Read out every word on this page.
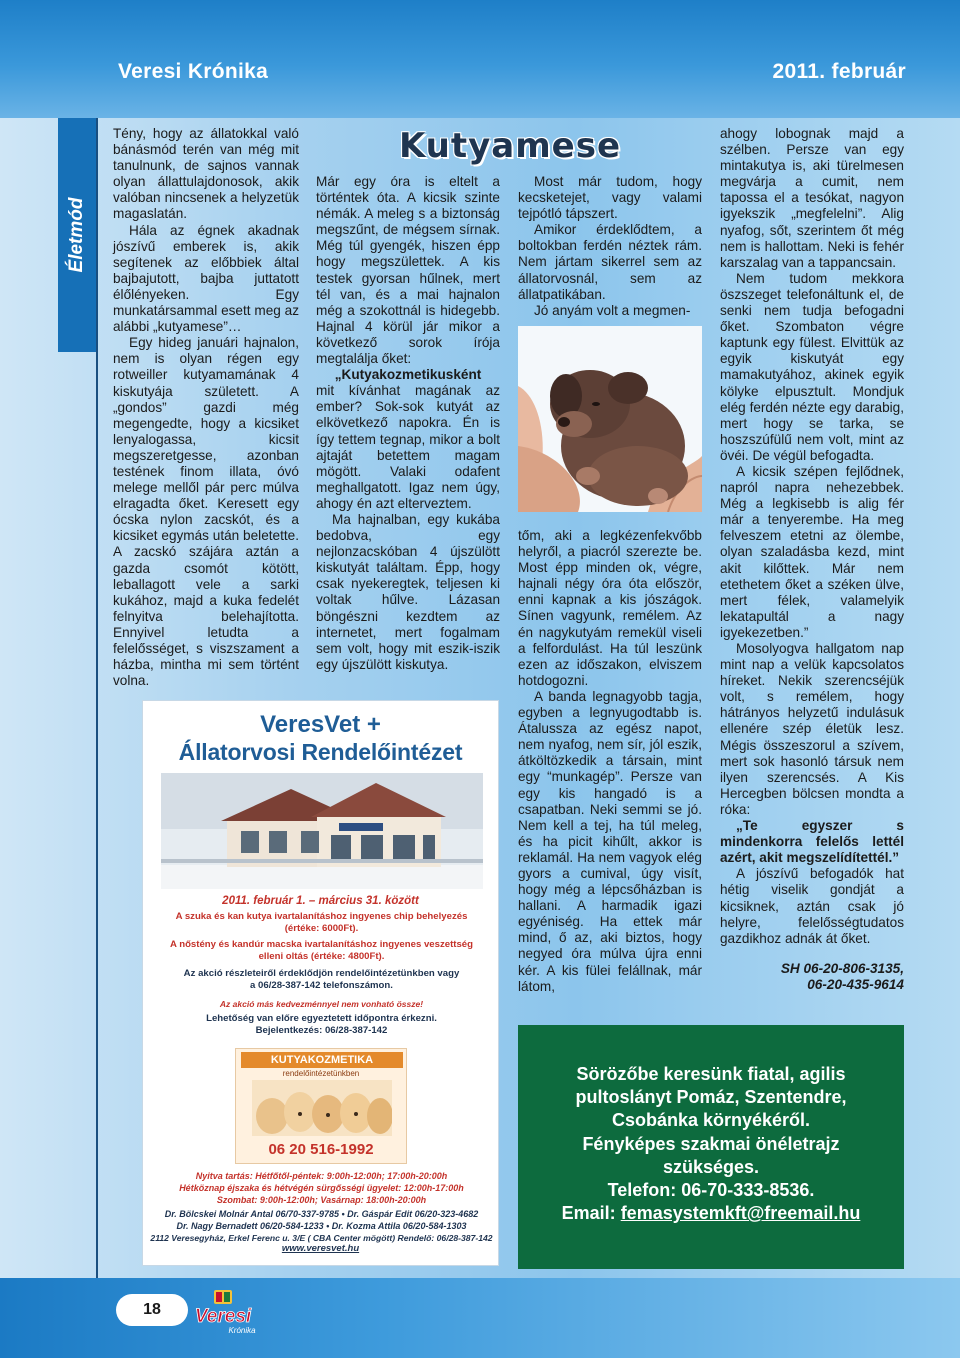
Veresi Krónika	2011. február
Életmód
Kutyamese

Tény, hogy az állatokkal való bánásmód terén van még mit tanulnunk, de sajnos vannak olyan állattulajdonosok, akik valóban nincsenek a helyzetük magaslatán.

Hála az égnek akadnak jószívű emberek is, akik segítenek az előbbiek által bajbajutott, bajba juttatott élőlényeken. Egy munkatársammal esett meg az alábbi „kutyamese”…

Egy hideg januári hajnalon, nem is olyan régen egy rotweiller kutyamamának 4 kiskutyája született. A „gondos” gazdi még megengedte, hogy a kicsiket lenyalogassa, kicsit megszeretgesse, azonban testének finom illata, óvó melege mellől pár perc múlva elragadta őket. Keresett egy ócska nylon zacskót, és a kicsiket egymás után beletette. A zacskó szájára aztán a gazda csomót kötött, leballagott vele a sarki kukához, majd a kuka fedelét felnyitva belehajította. Ennyivel letudta a felelősséget, s viszszament a házba, mintha mi sem történt volna.

Már egy óra is eltelt a történtek óta. A kicsik szinte némák. A meleg s a biztonság megszűnt, de mégsem sírnak. Még túl gyengék, hiszen épp hogy megszülettek. A kis testek gyorsan hűlnek, mert tél van, és a mai hajnalon még a szokottnál is hidegebb. Hajnal 4 körül jár mikor a következő sorok írója megtalálja őket:

„Kutyakozmetikusként

mit kívánhat magának az ember? Sok-sok kutyát az elkövetkező napokra. Én is így tettem tegnap, mikor a bolt ajtaját betettem magam mögött. Valaki odafent meghallgatott. Igaz nem úgy, ahogy én azt elterveztem.

Ma hajnalban, egy kukába bedobva, egy nejlonzacskóban 4 újszülött kiskutyát találtam. Épp, hogy csak nyekeregtek, teljesen ki voltak hűlve. Lázasan böngészni kezdtem az internetet, mert fogalmam sem volt, hogy mit eszik-iszik egy újszülött kiskutya.

Most már tudom, hogy kecsketejet, vagy valami tejpótló tápszert.

Amikor érdeklődtem, a boltokban ferdén néztek rám. Nem jártam sikerrel sem az állatorvosnál, sem az állatpatikában.

Jó anyám volt a megmen-

tőm, aki a legkézenfekvőbb helyről, a piacról szerezte be. Most épp minden ok, végre, hajnali négy óra óta először, enni kapnak a kis jószágok. Sínen vagyunk, remélem. Az én nagykutyám remekül viseli a felfordulást. Ha túl leszünk ezen az időszakon, elviszem hotdogozni.

A banda legnagyobb tagja, egyben a legnyugodtabb is. Átalussza az egész napot, nem nyafog, nem sír, jól eszik, átköltözkedik a társain, mint egy “munkagép”. Persze van egy kis hangadó is a csapatban. Neki semmi se jó. Nem kell a tej, ha túl meleg, és ha picit kihűlt, akkor is reklamál. Ha nem vagyok elég gyors a cumival, úgy visít, hogy még a lépcsőházban is hallani. A harmadik igazi egyéniség. Ha ettek már mind, ő az, aki biztos, hogy negyed óra múlva újra enni kér. A kis fülei felállnak, már látom,

ahogy lobognak majd a szélben. Persze van egy mintakutya is, aki türelmesen megvárja a cumit, nem tapossa el a tesókat, nagyon igyekszik „megfelelni”. Alig nyafog, sőt, szerintem őt még nem is hallottam. Neki is fehér karszalag van a tappancsain.

Nem tudom mekkora öszszeget telefonáltunk el, de senki nem tudja befogadni őket. Szombaton végre kaptunk egy fülest. Elvittük az egyik kiskutyát egy mamakutyához, akinek egyik kölyke elpusztult. Mondjuk elég ferdén nézte egy darabig, mert hogy se tarka, se hoszszúfülű nem volt, mint az övéi. De végül befogadta.

A kicsik szépen fejlődnek, napról napra nehezebbek. Még a legkisebb is alig fér már a tenyerembe. Ha meg felveszem etetni az ölembe, olyan szaladásba kezd, mint akit kilőttek. Már nem etethetem őket a széken ülve, mert félek, valamelyik lekatapultál a nagy igyekezetben.”

Mosolyogva hallgatom nap mint nap a velük kapcsolatos híreket. Nekik szerencséjük volt, s remélem, hogy hátrányos helyzetű indulásuk ellenére szép életük lesz. Mégis összeszorul a szívem, mert sok hasonló társuk nem ilyen szerencsés. A Kis Hercegben bölcsen mondta a róka:

„Te egyszer s mindenkorra felelős lettél azért, akit megszelídítettél.”

A jószívű befogadók hat hétig viselik gondját a kicsiknek, aztán csak jó helyre, felelősségtudatos gazdikhoz adnák át őket.

SH 06-20-806-3135,

06-20-435-9614

VeresVet +
Állatorvosi Rendelőintézet
2011. február 1. – március 31. között
A szuka és kan kutya ivartalanításhoz ingyenes chip behelyezés
(értéke: 6000Ft).
A nőstény és kandúr macska ivartalanításhoz ingyenes veszettség
elleni oltás (értéke: 4800Ft).
Az akció részleteiről érdeklődjön rendelőintézetünkben vagy
a 06/28-387-142 telefonszámon.
Az akció más kedvezménnyel nem vonható össze!
Lehetőség van előre egyeztetett időpontra érkezni.
Bejelentkezés: 06/28-387-142
KUTYAKOZMETIKA
rendelőintézetünkben
06 20 516-1992
Nyitva tartás: Hétfőtől-péntek: 9:00h-12:00h; 17:00h-20:00h
Hétköznap éjszaka és hétvégén sürgősségi ügyelet: 12:00h-17:00h
Szombat: 9:00h-12:00h; Vasárnap: 18:00h-20:00h
Dr. Bölcskei Molnár Antal 06/70-337-9785 • Dr. Gáspár Edit 06/20-323-4682
Dr. Nagy Bernadett 06/20-584-1233 • Dr. Kozma Attila 06/20-584-1303
2112 Veresegyház, Erkel Ferenc u. 3/E ( CBA Center mögött) Rendelő: 06/28-387-142
www.veresvet.hu
Sörözőbe keresünk fiatal, agilis
pultoslányt Pomáz, Szentendre,
Csobánka környékéről.
Fényképes szakmai önéletrajz
szükséges.
Telefon: 06-70-333-8536.
Email: femasystemkft@freemail.hu
18	Veresi
Krónika
